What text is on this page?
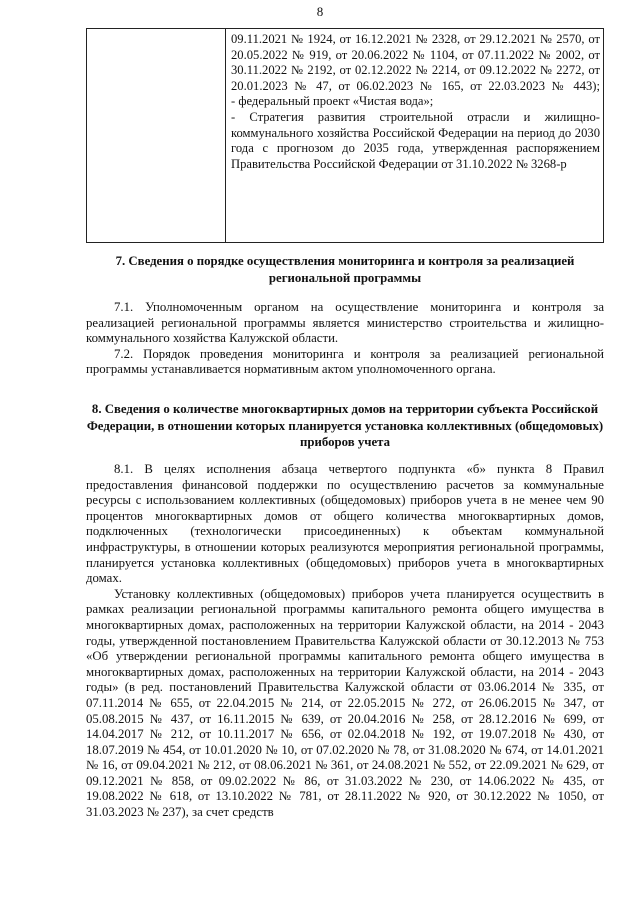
8

09.11.2021 № 1924, от 16.12.2021 № 2328, от 29.12.2021 № 2570, от 20.05.2022 № 919, от 20.06.2022 № 1104, от 07.11.2022 № 2002, от 30.11.2022 № 2192, от 02.12.2022 № 2214, от 09.12.2022 № 2272, от 20.01.2023 № 47, от 06.02.2023 № 165, от 22.03.2023 № 443);
- федеральный проект «Чистая вода»;
- Стратегия развития строительной отрасли и жилищно-коммунального хозяйства Российской Федерации на период до 2030 года с прогнозом до 2035 года, утвержденная распоряжением Правительства Российской Федерации от 31.10.2022 № 3268-р
7. Сведения о порядке осуществления мониторинга и контроля за реализацией региональной программы

7.1. Уполномоченным органом на осуществление мониторинга и контроля за реализацией региональной программы является министерство строительства и жилищно-коммунального хозяйства Калужской области.

7.2. Порядок проведения мониторинга и контроля за реализацией региональной программы устанавливается нормативным актом уполномоченного органа.

8. Сведения о количестве многоквартирных домов на территории субъекта Российской Федерации, в отношении которых планируется установка коллективных (общедомовых) приборов учета

8.1. В целях исполнения абзаца четвертого подпункта «б» пункта 8 Правил предоставления финансовой поддержки по осуществлению расчетов за коммунальные ресурсы с использованием коллективных (общедомовых) приборов учета в не менее чем 90 процентов многоквартирных домов от общего количества многоквартирных домов, подключенных (технологически присоединенных) к объектам коммунальной инфраструктуры, в отношении которых реализуются мероприятия региональной программы, планируется установка коллективных (общедомовых) приборов учета в многоквартирных домах.

Установку коллективных (общедомовых) приборов учета планируется осуществить в рамках реализации региональной программы капитального ремонта общего имущества в многоквартирных домах, расположенных на территории Калужской области, на 2014 - 2043 годы, утвержденной постановлением Правительства Калужской области от 30.12.2013 № 753 «Об утверждении региональной программы капитального ремонта общего имущества в многоквартирных домах, расположенных на территории Калужской области, на 2014 - 2043 годы» (в ред. постановлений Правительства Калужской области от 03.06.2014 № 335, от 07.11.2014 № 655, от 22.04.2015 № 214, от 22.05.2015 № 272, от 26.06.2015 № 347, от 05.08.2015 № 437, от 16.11.2015 № 639, от 20.04.2016 № 258, от 28.12.2016 № 699, от 14.04.2017 № 212, от 10.11.2017 № 656, от 02.04.2018 № 192, от 19.07.2018 № 430, от 18.07.2019 № 454, от 10.01.2020 № 10, от 07.02.2020 № 78, от 31.08.2020 № 674, от 14.01.2021 № 16, от 09.04.2021 № 212, от 08.06.2021 № 361, от 24.08.2021 № 552, от 22.09.2021 № 629, от 09.12.2021 № 858, от 09.02.2022 № 86, от 31.03.2022 № 230, от 14.06.2022 № 435, от 19.08.2022 № 618, от 13.10.2022 № 781, от 28.11.2022 № 920, от 30.12.2022 № 1050, от 31.03.2023 № 237), за счет средств
